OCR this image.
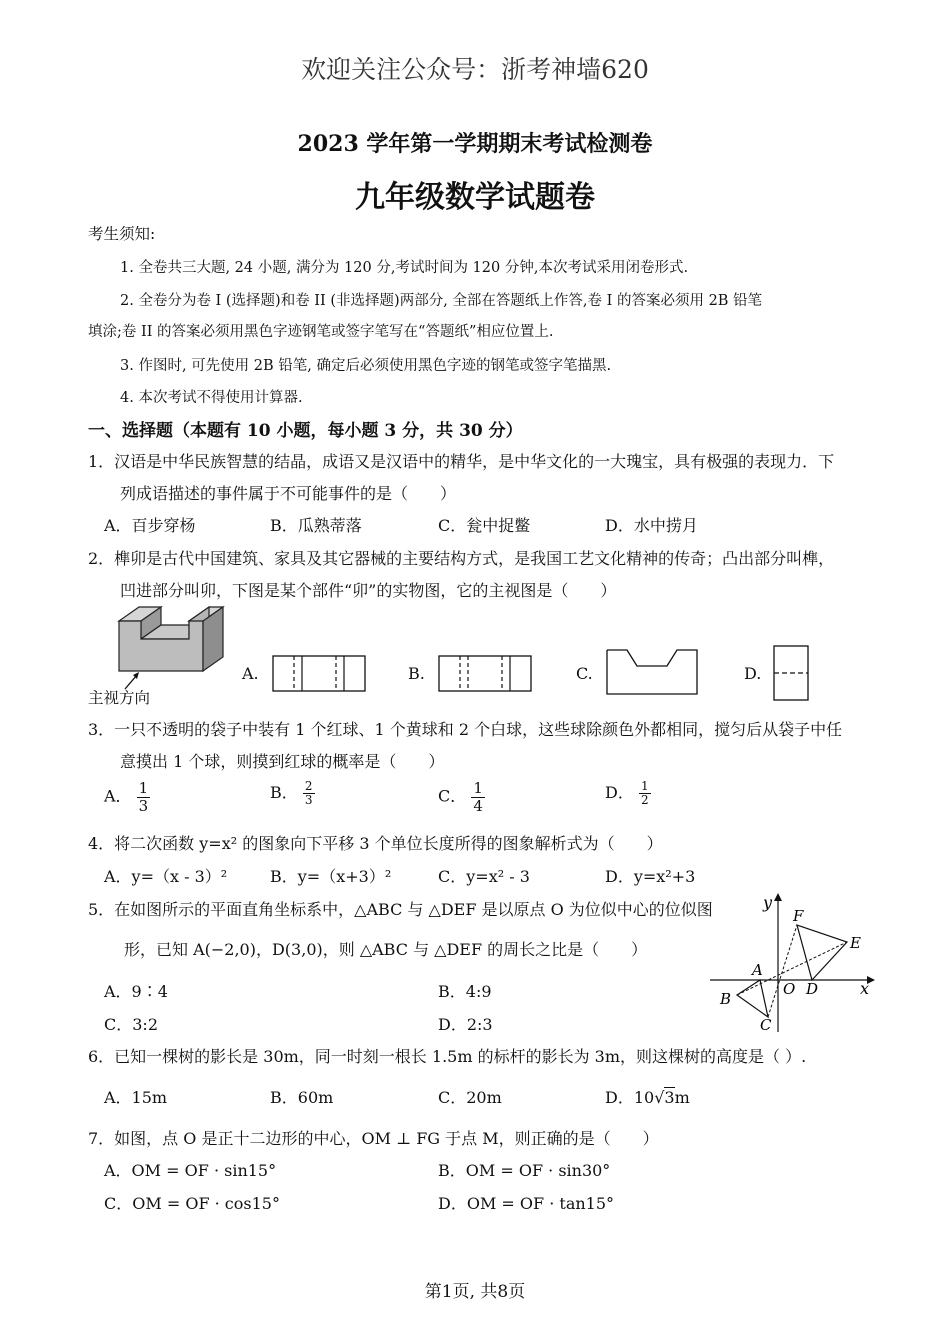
欢迎关注公众号：浙考神墙620
2023 学年第一学期期末考试检测卷
九年级数学试题卷
考生须知:
1. 全卷共三大题, 24 小题, 满分为 120 分,考试时间为 120 分钟,本次考试采用闭卷形式.
2. 全卷分为卷 I (选择题)和卷 II (非选择题)两部分, 全部在答题纸上作答,卷 I 的答案必须用 2B 铅笔
填涂;卷 II 的答案必须用黑色字迹钢笔或签字笔写在“答题纸”相应位置上.
3. 作图时, 可先使用 2B 铅笔, 确定后必须使用黑色字迹的钢笔或签字笔描黑.
4. 本次考试不得使用计算器.
一、选择题（本题有 10 小题，每小题 3 分，共 30 分）
1．汉语是中华民族智慧的结晶，成语又是汉语中的精华，是中华文化的一大瑰宝，具有极强的表现力．下
列成语描述的事件属于不可能事件的是（　　）
A．百步穿杨	B．瓜熟蒂落	C．瓮中捉鳖	D．水中捞月
2．榫卯是古代中国建筑、家具及其它器械的主要结构方式，是我国工艺文化精神的传奇；凸出部分叫榫，
凹进部分叫卯，下图是某个部件“卯”的实物图，它的主视图是（　　）
主视方向
A.	B.	C.	D.
3．一只不透明的袋子中装有 1 个红球、1 个黄球和 2 个白球，这些球除颜色外都相同，搅匀后从袋子中任
意摸出 1 个球，则摸到红球的概率是（　　）
A． $\frac{1}{3}$	B． $\frac{2}{3}$	C． $\frac{1}{4}$	D． $\frac{1}{2}$
4．将二次函数 y=x² 的图象向下平移 3 个单位长度所得的图象解析式为（　　）
A．y=（x - 3）²	B．y=（x+3）²	C．y=x² - 3	D．y=x²+3
5．在如图所示的平面直角坐标系中，△ABC 与 △DEF 是以原点 O 为位似中心的位似图
形，已知 A(−2,0)，D(3,0)，则 △ABC 与 △DEF 的周长之比是（　　）
A．9∶4	B．4:9
C．3:2	D．2:3
y
x
O
A
B
C
D
E
F
6．已知一棵树的影长是 30m，同一时刻一根长 1.5m 的标杆的影长为 3m，则这棵树的高度是（ ）.
A．15m	B．60m	C．20m	D．10√3m
7．如图，点 O 是正十二边形的中心，OM ⊥ FG 于点 M，则正确的是（　　）
A．OM = OF · sin15°	B．OM = OF · sin30°
C．OM = OF · cos15°	D．OM = OF · tan15°
第1页, 共8页
